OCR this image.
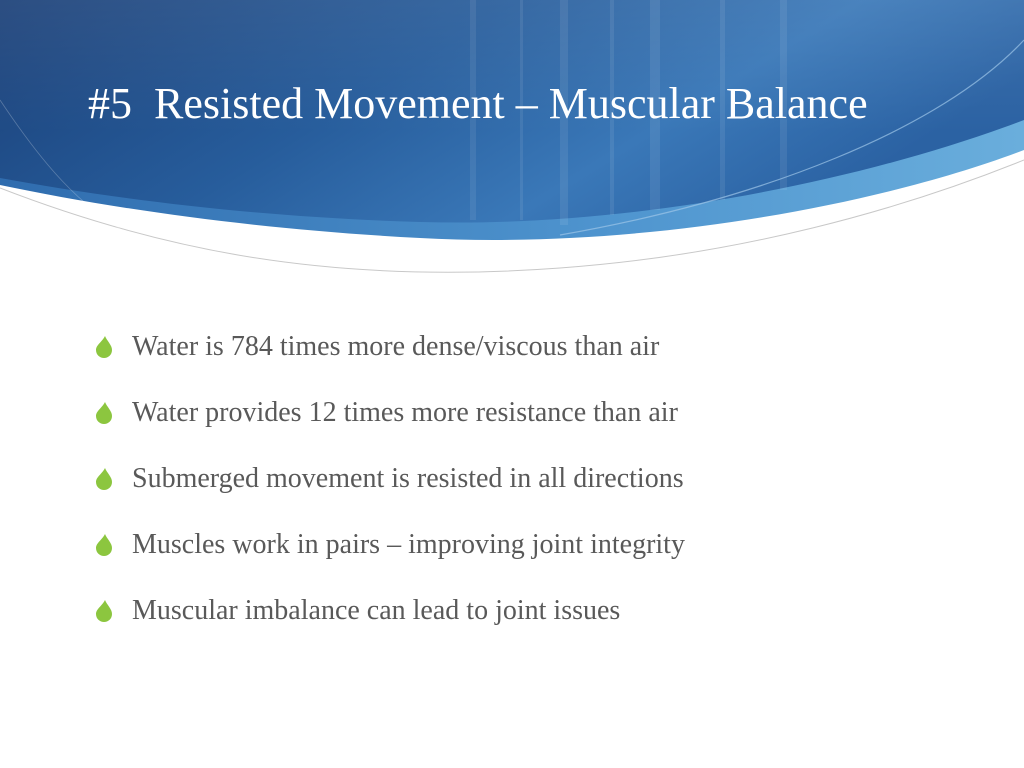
#5  Resisted Movement – Muscular Balance
Water is 784 times more dense/viscous than air
Water provides 12 times more resistance than air
Submerged movement is resisted in all directions
Muscles work in pairs – improving joint integrity
Muscular imbalance can lead to joint issues
